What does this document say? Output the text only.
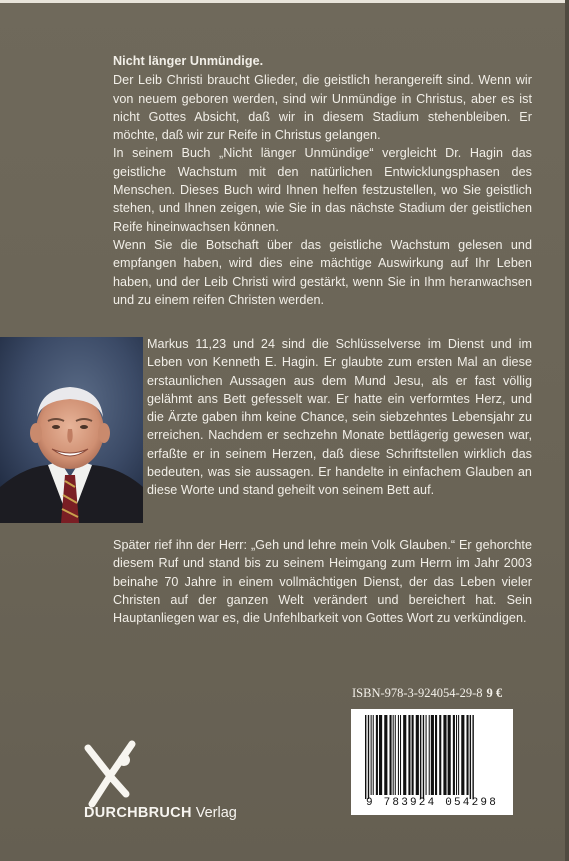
Nicht länger Unmündige.

Der Leib Christi braucht Glieder, die geistlich herangereift sind. Wenn wir von neuem geboren werden, sind wir Unmündige in Christus, aber es ist nicht Gottes Absicht, daß wir in diesem Stadium stehenbleiben. Er möchte, daß wir zur Reife in Christus gelangen.

In seinem Buch „Nicht länger Unmündige“ vergleicht Dr. Hagin das geistliche Wachstum mit den natürlichen Entwicklungsphasen des Menschen. Dieses Buch wird Ihnen helfen festzustellen, wo Sie geistlich stehen, und Ihnen zeigen, wie Sie in das nächste Stadium der geistlichen Reife hineinwachsen können.

Wenn Sie die Botschaft über das geistliche Wachstum gelesen und empfangen haben, wird dies eine mächtige Auswirkung auf Ihr Leben haben, und der Leib Christi wird gestärkt, wenn Sie in Ihm heranwachsen und zu einem reifen Christen werden.

Markus 11,23 und 24 sind die Schlüsselverse im Dienst und im Leben von Kenneth E. Hagin. Er glaubte zum ersten Mal an diese erstaunlichen Aussagen aus dem Mund Jesu, als er fast völlig gelähmt ans Bett gefesselt war. Er hatte ein verformtes Herz, und die Ärzte gaben ihm keine Chance, sein siebzehntes Lebensjahr zu erreichen. Nachdem er sechzehn Monate bettlägerig gewesen war, erfaßte er in seinem Herzen, daß diese Schriftstellen wirklich das bedeuten, was sie aussagen. Er handelte in einfachem Glauben an diese Worte und stand geheilt von seinem Bett auf.

Später rief ihn der Herr: „Geh und lehre mein Volk Glauben.“ Er gehorchte diesem Ruf und stand bis zu seinem Heimgang zum Herrn im Jahr 2003 beinahe 70 Jahre in einem vollmächtigen Dienst, der das Leben vieler Christen auf der ganzen Welt verändert und bereichert hat. Sein Hauptanliegen war es, die Unfehlbarkeit von Gottes Wort zu verkündigen.

ISBN-978-3-924054-29-8 9 €
9 783924 054298
DURCHBRUCH Verlag
